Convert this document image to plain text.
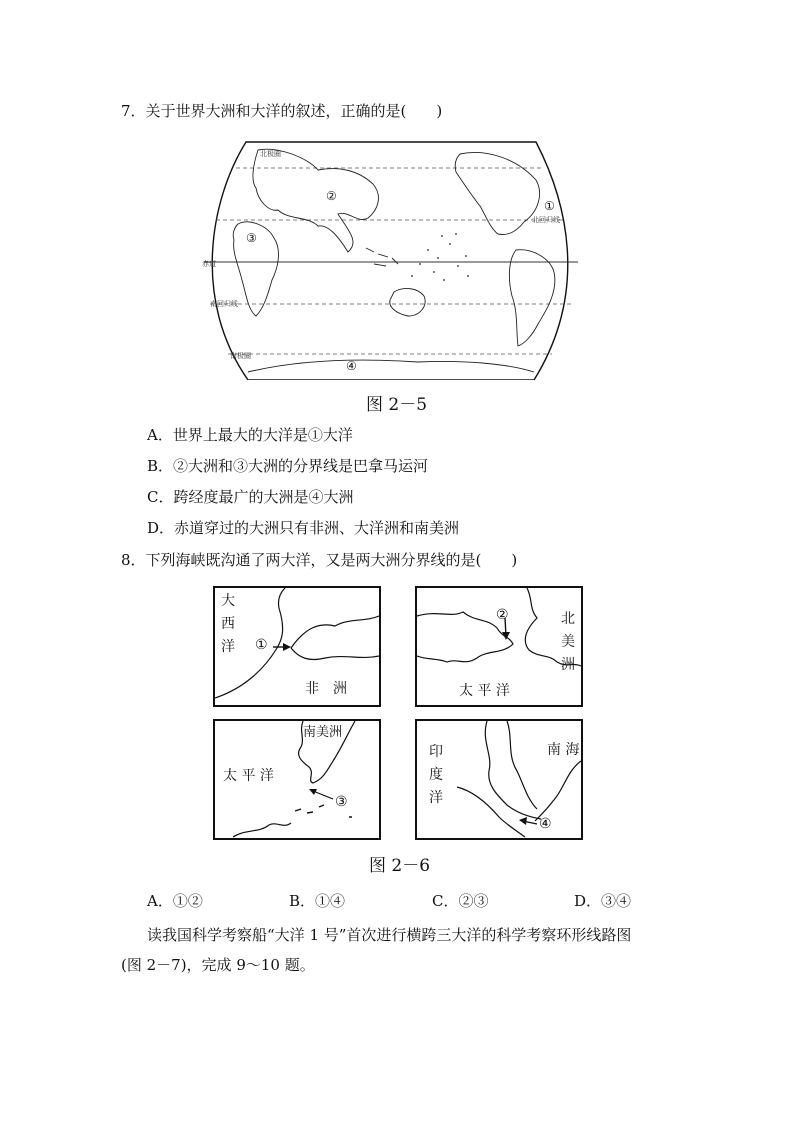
7．关于世界大洲和大洋的叙述，正确的是(　　)
北极圈
①
北回归线
②
③
赤道
南回归线
南极圈
④
图 2－5
A．世界上最大的大洋是①大洋
B．②大洲和③大洲的分界线是巴拿马运河
C．跨经度最广的大洲是④大洲
D．赤道穿过的大洲只有非洲、大洋洲和南美洲
8．下列海峡既沟通了两大洋，又是两大洲分界线的是(　　)
大
西
洋 ①
非　洲
②	北
美
洲
太 平 洋
南美洲
太 平 洋
③
印
度
洋
南 海
④
图 2－6
A．①②	B．①④	C．②③	D．③④
读我国科学考察船“大洋 1 号”首次进行横跨三大洋的科学考察环形线路图
(图 2－7)，完成 9～10 题。
